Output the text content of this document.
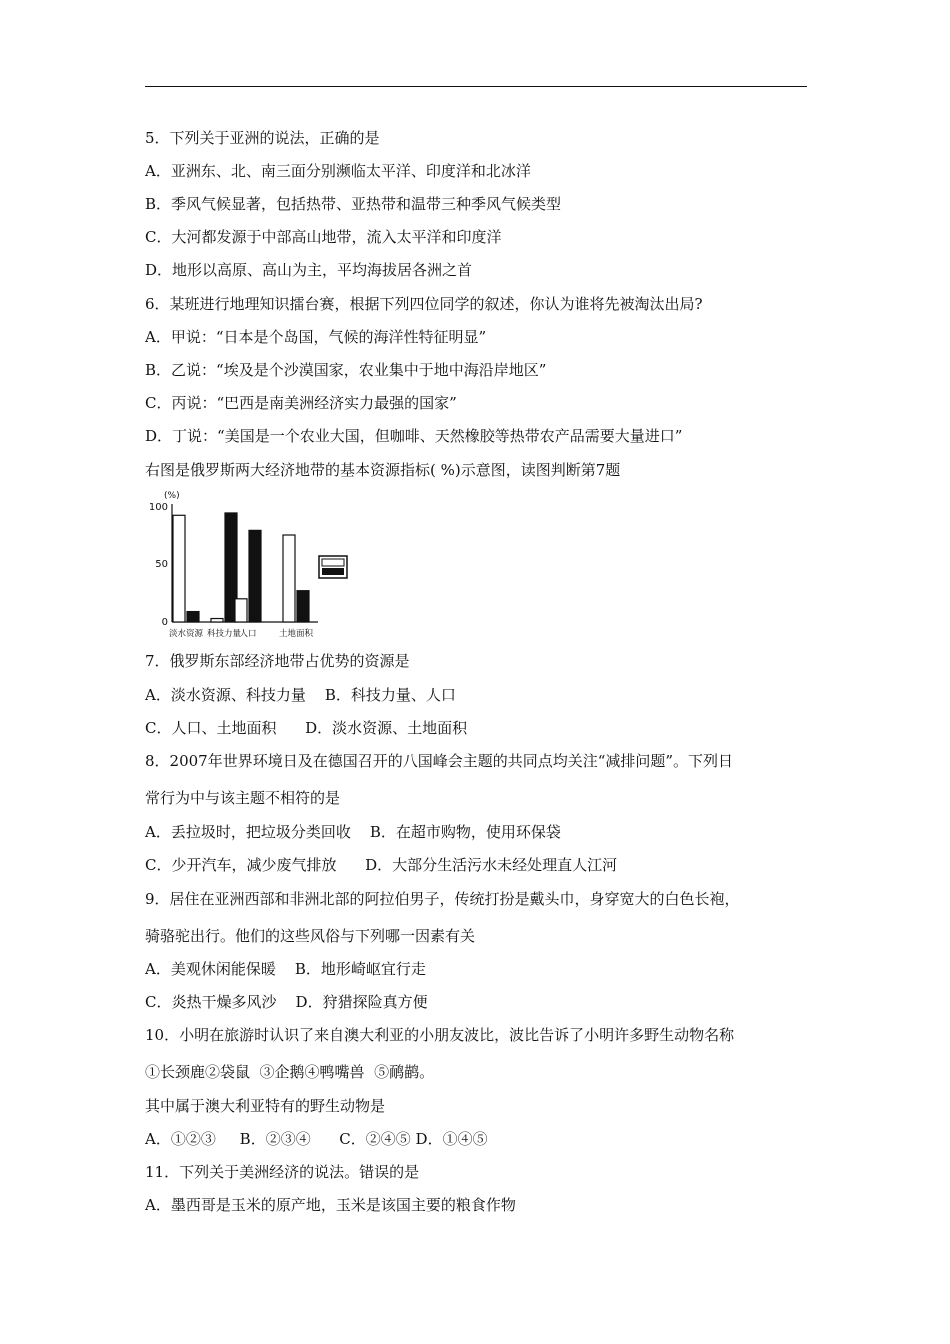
5．下列关于亚洲的说法，正确的是
A．亚洲东、北、南三面分别濒临太平洋、印度洋和北冰洋
B．季风气候显著，包括热带、亚热带和温带三种季风气候类型
C．大河都发源于中部高山地带，流入太平洋和印度洋
D．地形以高原、高山为主，平均海拔居各洲之首
6．某班进行地理知识擂台赛，根据下列四位同学的叙述，你认为谁将先被淘汰出局?
A．甲说：“日本是个岛国，气候的海洋性特征明显”
B．乙说：“埃及是个沙漠国家，农业集中于地中海沿岸地区”
C．丙说：“巴西是南美洲经济实力最强的国家”
D．丁说：“美国是一个农业大国，但咖啡、天然橡胶等热带农产品需要大量进口”
右图是俄罗斯两大经济地带的基本资源指标( %)示意图，读图判断第7题
(%)
100
50
0
淡水资源 科技力量
人口	土地面积
7．俄罗斯东部经济地带占优势的资源是
A．淡水资源、科技力量    B．科技力量、人口
C．人口、土地面积      D．淡水资源、土地面积
8．2007年世界环境日及在德国召开的八国峰会主题的共同点均关注“减排问题”。下列日
常行为中与该主题不相符的是
A．丢拉圾时，把垃圾分类回收    B．在超市购物，使用环保袋
C．少开汽车，减少废气排放      D．大部分生活污水未经处理直人江河
9．居住在亚洲西部和非洲北部的阿拉伯男子，传统打扮是戴头巾，身穿宽大的白色长袍，
骑骆驼出行。他们的这些风俗与下列哪一因素有关
A．美观休闲能保暖    B．地形崎岖宜行走
C．炎热干燥多风沙    D．狩猎探险真方便
10．小明在旅游时认识了来自澳大利亚的小朋友波比，波比告诉了小明许多野生动物名称
①长颈鹿②袋鼠  ③企鹅④鸭嘴兽  ⑤鸸鹋。
其中属于澳大利亚特有的野生动物是
A．①②③     B．②③④      C．②④⑤ D．①④⑤
11．下列关于美洲经济的说法。错误的是
A．墨西哥是玉米的原产地，玉米是该国主要的粮食作物
